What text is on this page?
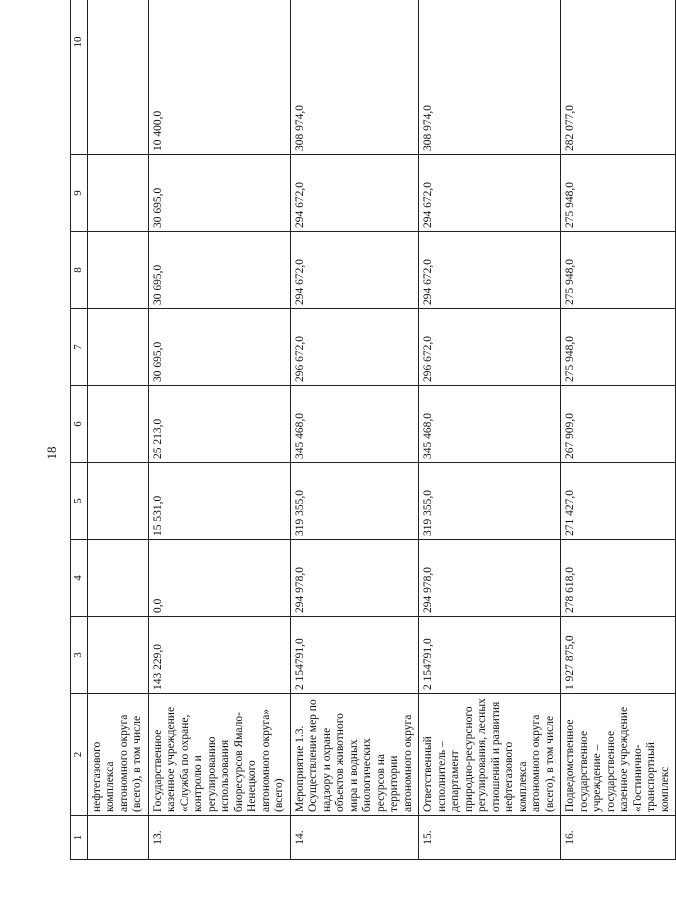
18
1	2	3	4	5	6	7	8	9	10
	нефтегазового комплекса автономного округа (всего), в том числе								
13.	Государственное казенное учреждение «Служба по охране, контролю и регулированию использования биоресурсов Ямало-Ненецкого автономного округа» (всего)	143 229,0	0,0	15 531,0	25 213,0	30 695,0	30 695,0	30 695,0	10 400,0
14.	Мероприятие 1.3. Осуществление мер по надзору и охране объектов животного мира и водных биологических ресурсов на территории автономного округа	2 154791,0	294 978,0	319 355,0	345 468,0	296 672,0	294 672,0	294 672,0	308 974,0
15.	Ответственный исполнитель – департамент природно-ресурсного регулирования, лесных отношений и развития нефтегазового комплекса автономного округа (всего), в том числе	2 154791,0	294 978,0	319 355,0	345 468,0	296 672,0	294 672,0	294 672,0	308 974,0
16.	Подведомственное государственное учреждение – государственное казенное учреждение «Гостинично-транспортный комплекс	1 927 875,0	278 618,0	271 427,0	267 909,0	275 948,0	275 948,0	275 948,0	282 077,0
